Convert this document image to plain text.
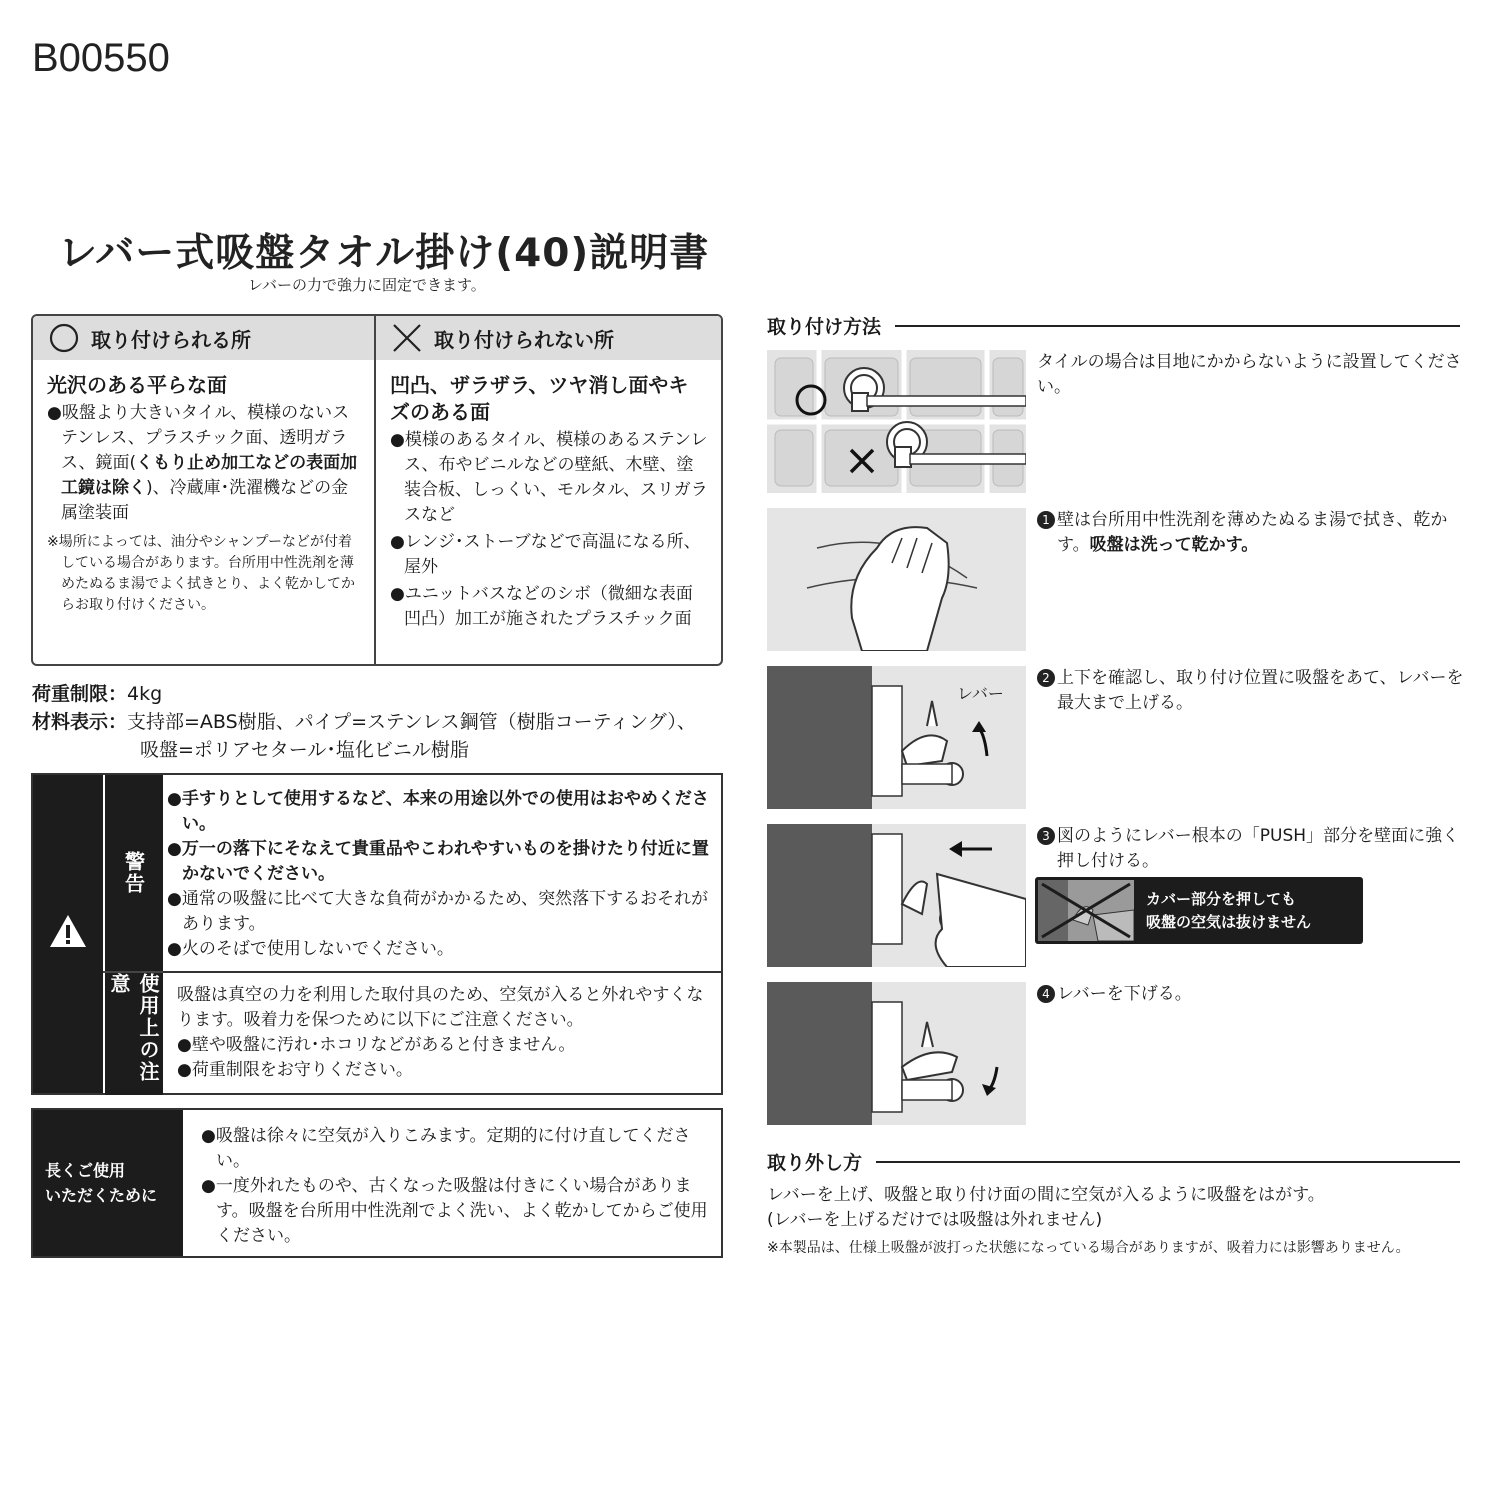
B00550
レバー式吸盤タオル掛け(40)説明書
レバーの力で強力に固定できます。
取り付けられる所
光沢のある平らな面
●吸盤より大きいタイル、模様のないステンレス、プラスチック面、透明ガラス、鏡面(くもり止め加工などの表面加工鏡は除く)、冷蔵庫･洗濯機などの金属塗装面
※場所によっては、油分やシャンプーなどが付着している場合があります。台所用中性洗剤を薄めたぬるま湯でよく拭きとり、よく乾かしてからお取り付けください。
取り付けられない所
凹凸、ザラザラ、ツヤ消し面やキズのある面
●模様のあるタイル、模様のあるステンレス、布やビニルなどの壁紙、木壁、塗装合板、しっくい、モルタル、スリガラスなど
●レンジ･ストーブなどで高温になる所、屋外
●ユニットバスなどのシボ（微細な表面凹凸）加工が施されたプラスチック面
荷重制限：4kg
材料表示：支持部=ABS樹脂、パイプ=ステンレス鋼管（樹脂コーティング）、
吸盤=ポリアセタール･塩化ビニル樹脂
警告
使用上の注意
●手すりとして使用するなど、本来の用途以外での使用はおやめください。
●万一の落下にそなえて貴重品やこわれやすいものを掛けたり付近に置かないでください。
●通常の吸盤に比べて大きな負荷がかかるため、突然落下するおそれがあります。
●火のそばで使用しないでください。
吸盤は真空の力を利用した取付具のため、空気が入ると外れやすくなります。吸着力を保つために以下にご注意ください。
●壁や吸盤に汚れ･ホコリなどがあると付きません。
●荷重制限をお守りください。
長くご使用
いただくために
●吸盤は徐々に空気が入りこみます。定期的に付け直してください。
●一度外れたものや、古くなった吸盤は付きにくい場合があります。吸盤を台所用中性洗剤でよく洗い、よく乾かしてからご使用ください。
取り付け方法
タイルの場合は目地にかからないように設置してください。
1 壁は台所用中性洗剤を薄めたぬるま湯で拭き、乾かす。吸盤は洗って乾かす。
レバー
2 上下を確認し、取り付け位置に吸盤をあて、レバーを最大まで上げる。
3 図のようにレバー根本の「PUSH」部分を壁面に強く押し付ける。
カバー部分を押しても
吸盤の空気は抜けません
4 レバーを下げる。
取り外し方
レバーを上げ、吸盤と取り付け面の間に空気が入るように吸盤をはがす。
(レバーを上げるだけでは吸盤は外れません)
※本製品は、仕様上吸盤が波打った状態になっている場合がありますが、吸着力には影響ありません。
